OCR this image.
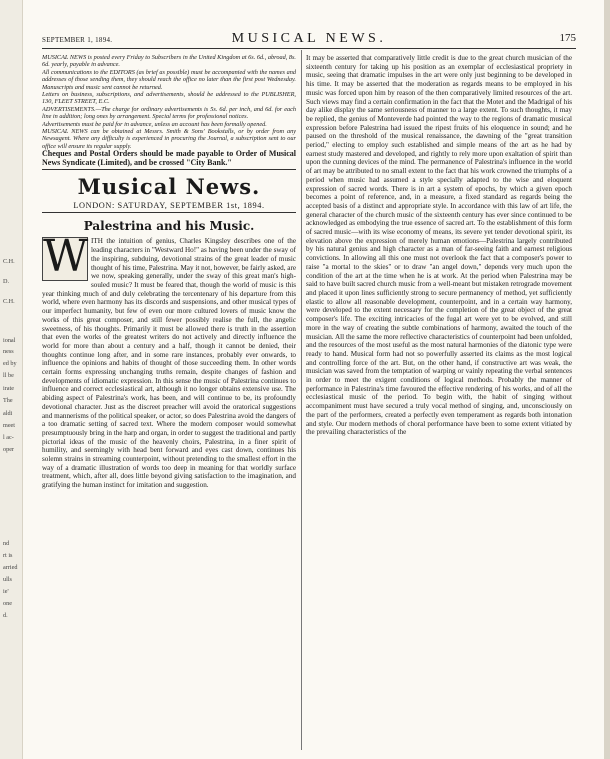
C.H.
D.
C.H.
ional
ness
ed by
ll be
irate
The
aldi
meet
l ac-
oper
nd
rt is
arried
ulls
ie'
one
d.
SEPTEMBER 1, 1894.	MUSICAL NEWS.	175

MUSICAL NEWS is posted every Friday to Subscribers in the United Kingdom at 6s. 6d., abroad, 8s. 6d. yearly, payable in advance.

All communications to the EDITORS (as brief as possible) must be accompanied with the names and addresses of those sending them, they should reach the office no later than the first post Wednesday. Manuscripts and music sent cannot be returned.

Letters on business, subscriptions, and advertisements, should be addressed to the PUBLISHER, 130, FLEET STREET, E.C.

ADVERTISEMENTS.—The charge for ordinary advertisements is 5s. 6d. per inch, and 6d. for each line in addition; long ones by arrangement. Special terms for professional notices.

Advertisements must be paid for in advance, unless an account has been formally opened.

MUSICAL NEWS can be obtained at Messrs. Smith & Sons' Bookstalls, or by order from any Newsagent. Where any difficulty is experienced in procuring the Journal, a subscription sent to our office will ensure its regular supply.

Cheques and Postal Orders should be made payable to Order of Musical News Syndicate (Limited), and be crossed "City Bank."

Musical News.
LONDON: SATURDAY, SEPTEMBER 1st, 1894.
Palestrina and his Music.
W ITH the intuition of genius, Charles Kingsley describes one of the leading characters in "Westward Ho!" as having been under the sway of the inspiring, subduing, devotional strains of the great leader of music thought of his time, Palestrina. May it not, however, be fairly asked, are we now, speaking generally, under the sway of this great man's high-souled music? It must be feared that, though the world of music is this year thinking much of and duly celebrating the tercentenary of his departure from this world, where even harmony has its discords and suspensions, and other musical types of our imperfect humanity, but few of even our more cultured lovers of music know the works of this great composer, and still fewer possibly realise the full, the angelic sweetness, of his thoughts. Primarily it must be allowed there is truth in the assertion that even the works of the greatest writers do not actively and directly influence the world for more than about a century and a half, though it cannot be denied, their thoughts continue long after, and in some rare instances, probably ever onwards, to influence the opinions and habits of thought of those succeeding them. In other words certain forms expressing unchanging truths remain, despite changes of fashion and developments of idiomatic expression. In this sense the music of Palestrina continues to influence and correct ecclesiastical art, although it no longer obtains extensive use. The abiding aspect of Palestrina's work, has been, and will continue to be, its profoundly devotional character. Just as the discreet preacher will avoid the oratorical suggestions and mannerisms of the political speaker, or actor, so does Palestrina avoid the dangers of a too dramatic setting of sacred text. Where the modern composer would somewhat presumptuously bring in the harp and organ, in order to suggest the traditional and partly pictorial ideas of the music of the heavenly choirs, Palestrina, in a finer spirit of humility, and seemingly with head bent forward and eyes cast down, continues his solemn strains in streaming counterpoint, without pretending to the smallest effort in the way of a dramatic illustration of words too deep in meaning for that worldly surface treatment, which, after all, does little beyond giving satisfaction to the imagination, and gratifying the human instinct for imitation and suggestion.

It may be asserted that comparatively little credit is due to the great church musician of the sixteenth century for taking up his position as an exemplar of ecclesiastical propriety in music, seeing that dramatic impulses in the art were only just beginning to be developed in his time. It may be asserted that the moderation as regards means to be employed in his music was forced upon him by reason of the then comparatively limited resources of the art. Such views may find a certain confirmation in the fact that the Motet and the Madrigal of his day alike display the same seriousness of manner to a large extent. To such thoughts, it may be replied, the genius of Monteverde had pointed the way to the regions of dramatic musical expression before Palestrina had issued the ripest fruits of his eloquence in sound; and he paused on the threshold of the musical renaissance, the dawning of the "great transition period," electing to employ such established and simple means of the art as he had by earnest study mastered and developed, and rightly to rely more upon exaltation of spirit than upon the cunning devices of the mind. The permanence of Palestrina's influence in the world of art may be attributed to no small extent to the fact that his work crowned the triumphs of a period when music had assumed a style specially adapted to the wise and eloquent expression of sacred words. There is in art a system of epochs, by which a given epoch becomes a point of reference, and, in a measure, a fixed standard as regards being the accepted basis of a distinct and appropriate style. In accordance with this law of art life, the general character of the church music of the sixteenth century has ever since continued to be acknowledged as embodying the true essence of sacred art. To the establishment of this form of sacred music—with its wise economy of means, its severe yet tender devotional spirit, its elevation above the expression of merely human emotions—Palestrina largely contributed by his natural genius and high character as a man of far-seeing faith and earnest religious convictions. In allowing all this one must not overlook the fact that a composer's power to raise "a mortal to the skies" or to draw "an angel down," depends very much upon the condition of the art at the time when he is at work. At the period when Palestrina may be said to have built sacred church music from a well-meant but mistaken retrograde movement and placed it upon lines sufficiently strong to secure permanency of method, yet sufficiently elastic to allow all reasonable development, counterpoint, and in a certain way harmony, were developed to the extent necessary for the completion of the great object of the great composer's life. The exciting intricacies of the fugal art were yet to be evolved, and still more in the way of creating the subtle combinations of harmony, awaited the touch of the musician. All the same the more reflective characteristics of counterpoint had been unfolded, and the resources of the most useful as the most natural harmonies of the diatonic type were ready to hand. Musical form had not so powerfully asserted its claims as the most logical and controlling force of the art. But, on the other hand, if constructive art was weak, the musician was saved from the temptation of warping or vainly repeating the verbal sentences in order to meet the exigent conditions of logical methods. Probably the manner of performance in Palestrina's time favoured the effective rendering of his works, and of all the ecclesiastical music of the period. To begin with, the habit of singing without accompaniment must have secured a truly vocal method of singing, and, unconsciously on the part of the performers, created a perfectly even temperament as regards both intonation and style. Our modern methods of choral performance have been to some extent vitiated by the prevailing characteristics of the
